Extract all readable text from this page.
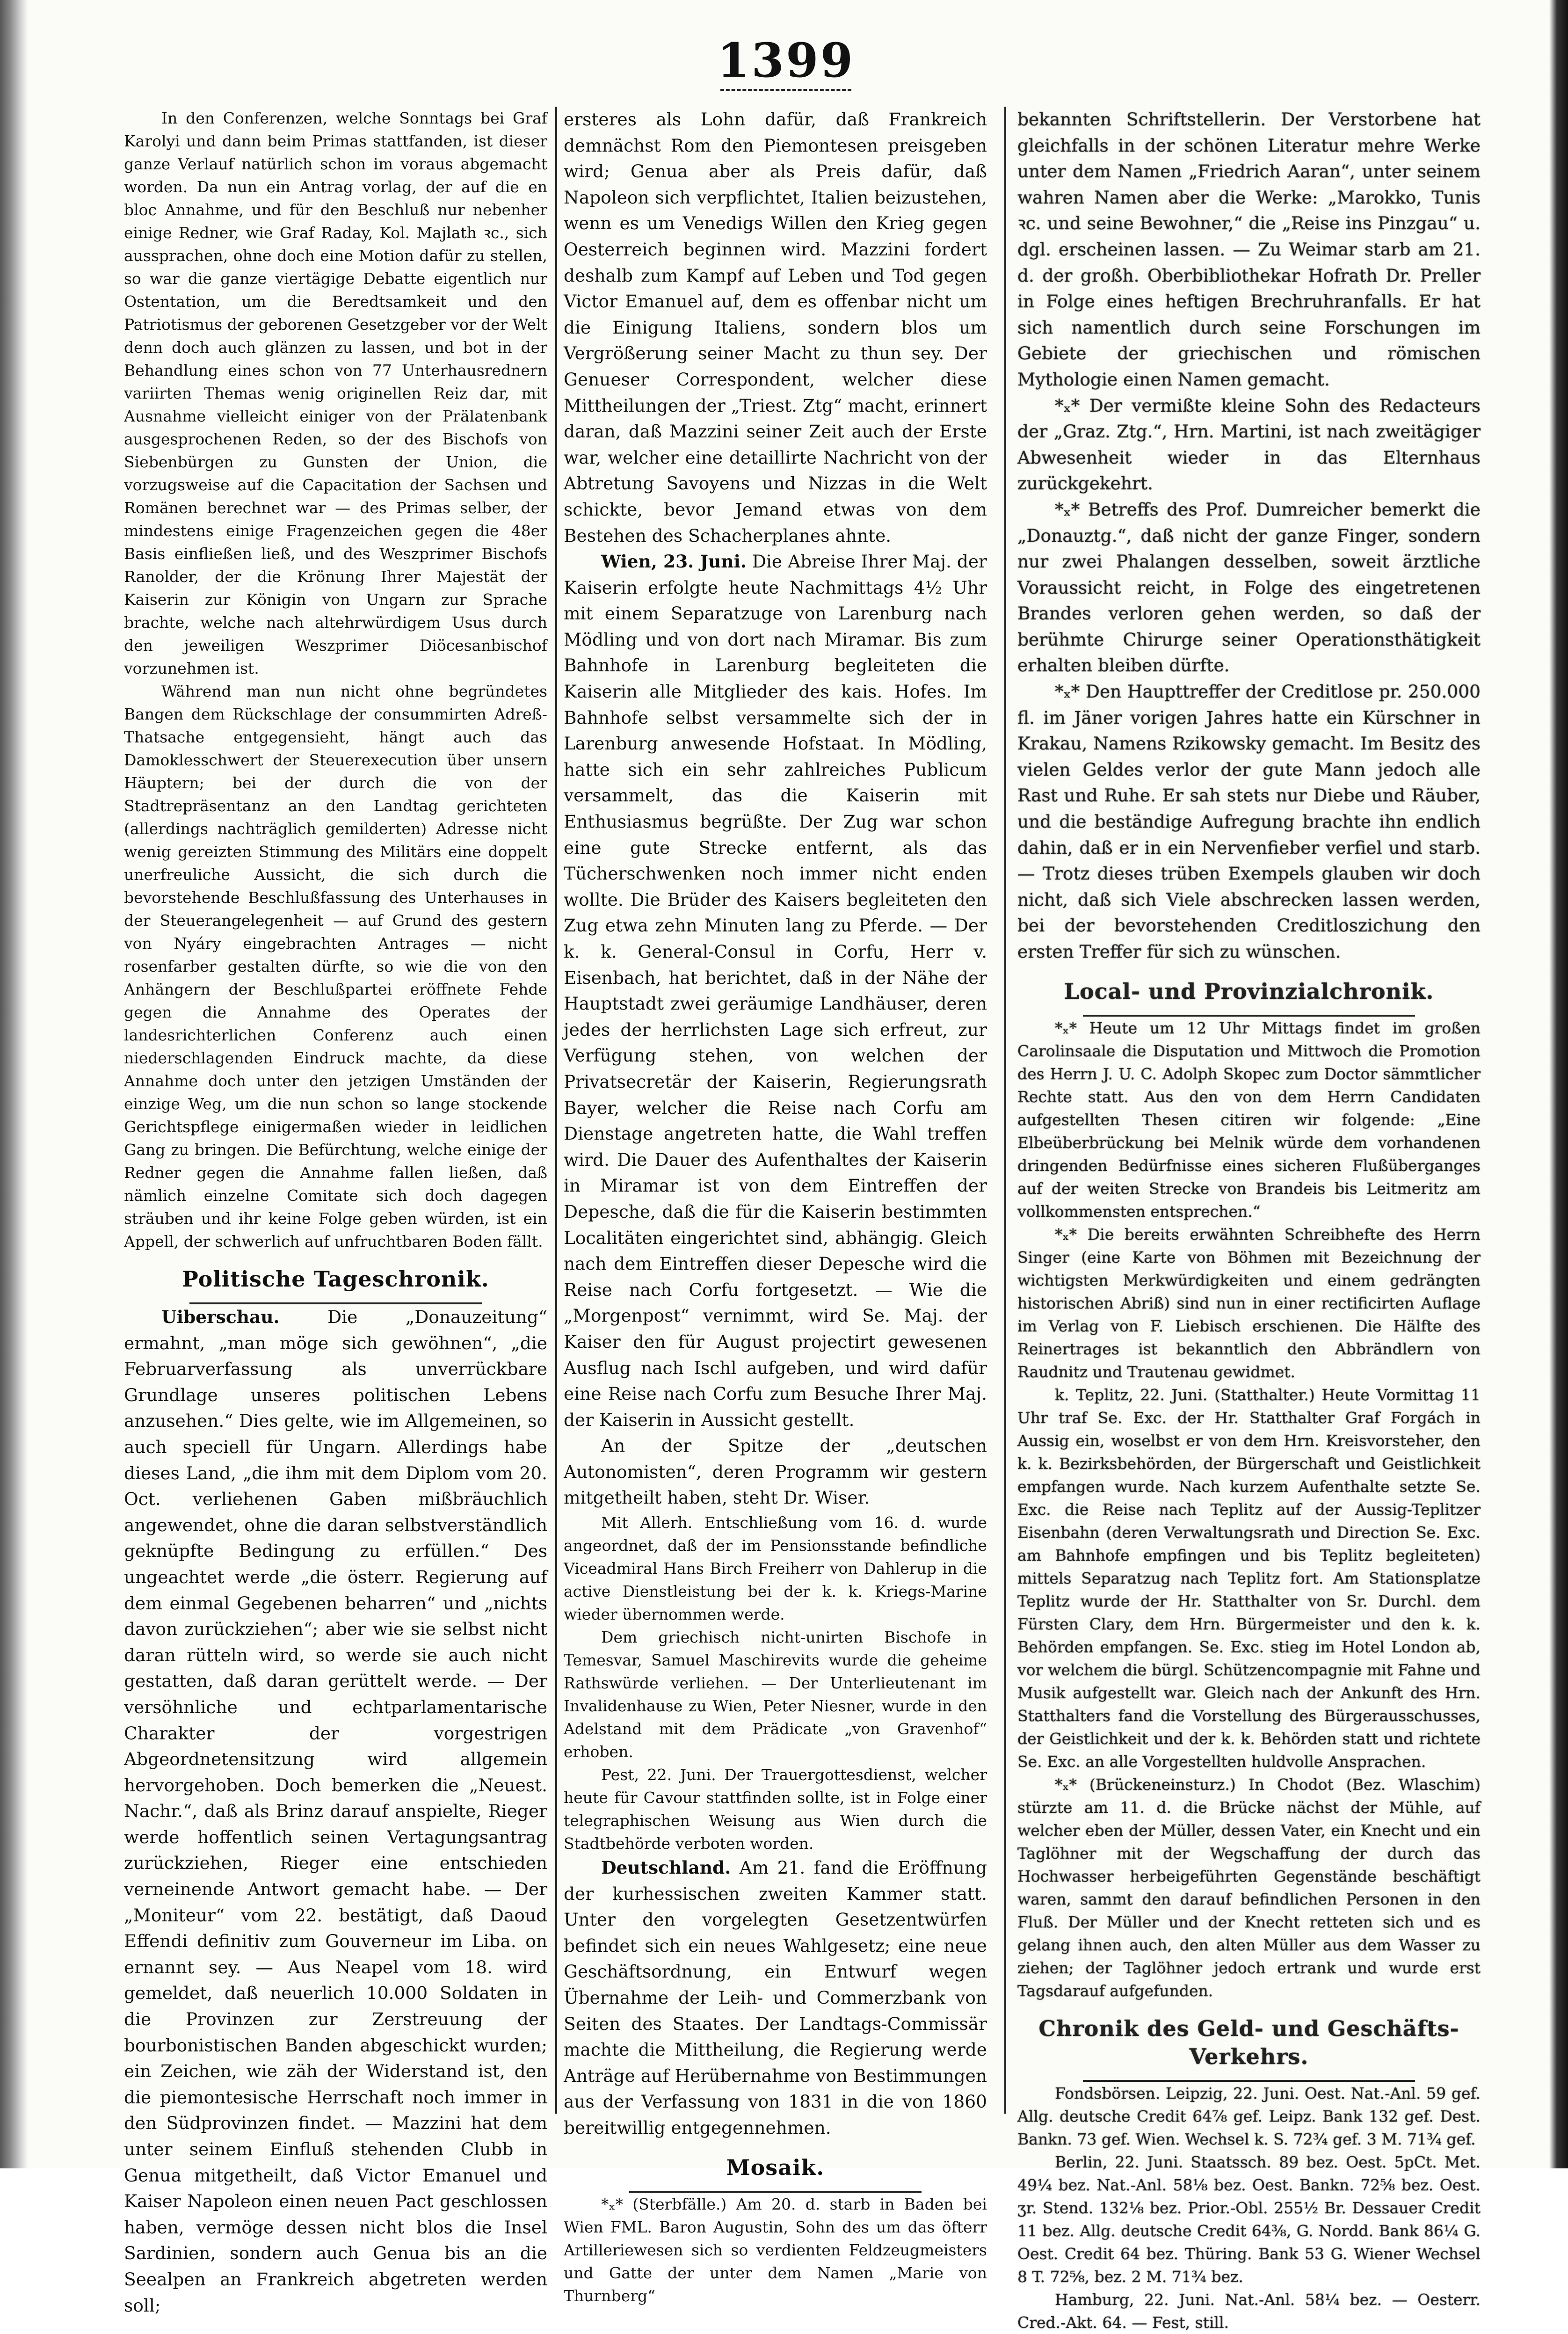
1399

In den Conferenzen, welche Sonntags bei Graf Karolyi und dann beim Primas stattfanden, ist dieser ganze Verlauf natürlich schon im voraus abgemacht worden. Da nun ein Antrag vorlag, der auf die en bloc Annahme, und für den Beschluß nur nebenher einige Redner, wie Graf Raday, Kol. Majlath ꝛc., sich aussprachen, ohne doch eine Motion dafür zu stellen, so war die ganze viertägige Debatte eigentlich nur Ostentation, um die Beredtsamkeit und den Patriotismus der geborenen Gesetzgeber vor der Welt denn doch auch glänzen zu lassen, und bot in der Behandlung eines schon von 77 Unterhausrednern variirten Themas wenig originellen Reiz dar, mit Ausnahme vielleicht einiger von der Prälatenbank ausgesprochenen Reden, so der des Bischofs von Siebenbürgen zu Gunsten der Union, die vorzugsweise auf die Capacitation der Sachsen und Romänen berechnet war — des Primas selber, der mindestens einige Fragenzeichen gegen die 48er Basis einfließen ließ, und des Weszprimer Bischofs Ranolder, der die Krönung Ihrer Majestät der Kaiserin zur Königin von Ungarn zur Sprache brachte, welche nach altehrwürdigem Usus durch den jeweiligen Weszprimer Diöcesanbischof vorzunehmen ist.

Während man nun nicht ohne begründetes Bangen dem Rückschlage der consummirten Adreß-Thatsache entgegensieht, hängt auch das Damoklesschwert der Steuerexecution über unsern Häuptern; bei der durch die von der Stadtrepräsentanz an den Landtag gerichteten (allerdings nachträglich gemilderten) Adresse nicht wenig gereizten Stimmung des Militärs eine doppelt unerfreuliche Aussicht, die sich durch die bevorstehende Beschlußfassung des Unterhauses in der Steuerangelegenheit — auf Grund des gestern von Nyáry eingebrachten Antrages — nicht rosenfarber gestalten dürfte, so wie die von den Anhängern der Beschlußpartei eröffnete Fehde gegen die Annahme des Operates der landesrichterlichen Conferenz auch einen niederschlagenden Eindruck machte, da diese Annahme doch unter den jetzigen Umständen der einzige Weg, um die nun schon so lange stockende Gerichtspflege einigermaßen wieder in leidlichen Gang zu bringen. Die Befürchtung, welche einige der Redner gegen die Annahme fallen ließen, daß nämlich einzelne Comitate sich doch dagegen sträuben und ihr keine Folge geben würden, ist ein Appell, der schwerlich auf unfruchtbaren Boden fällt.

Politische Tageschronik.

Uiberschau. Die „Donauzeitung“ ermahnt, „man möge sich gewöhnen“, „die Februarverfassung als unverrückbare Grundlage unseres politischen Lebens anzusehen.“ Dies gelte, wie im Allgemeinen, so auch speciell für Ungarn. Allerdings habe dieses Land, „die ihm mit dem Diplom vom 20. Oct. verliehenen Gaben mißbräuchlich angewendet, ohne die daran selbstverständlich geknüpfte Bedingung zu erfüllen.“ Des ungeachtet werde „die österr. Regierung auf dem einmal Gegebenen beharren“ und „nichts davon zurückziehen“; aber wie sie selbst nicht daran rütteln wird, so werde sie auch nicht gestatten, daß daran gerüttelt werde. — Der versöhnliche und echtparlamentarische Charakter der vorgestrigen Abgeordnetensitzung wird allgemein hervorgehoben. Doch bemerken die „Neuest. Nachr.“, daß als Brinz darauf anspielte, Rieger werde hoffentlich seinen Vertagungsantrag zurückziehen, Rieger eine entschieden verneinende Antwort gemacht habe. — Der „Moniteur“ vom 22. bestätigt, daß Daoud Effendi definitiv zum Gouverneur im Liba. on ernannt sey. — Aus Neapel vom 18. wird gemeldet, daß neuerlich 10.000 Soldaten in die Provinzen zur Zerstreuung der bourbonistischen Banden abgeschickt wurden; ein Zeichen, wie zäh der Widerstand ist, den die piemontesische Herrschaft noch immer in den Südprovinzen findet. — Mazzini hat dem unter seinem Einfluß stehenden Clubb in Genua mitgetheilt, daß Victor Emanuel und Kaiser Napoleon einen neuen Pact geschlossen haben, vermöge dessen nicht blos die Insel Sardinien, sondern auch Genua bis an die Seealpen an Frankreich abgetreten werden soll;

ersteres als Lohn dafür, daß Frankreich demnächst Rom den Piemontesen preisgeben wird; Genua aber als Preis dafür, daß Napoleon sich verpflichtet, Italien beizustehen, wenn es um Venedigs Willen den Krieg gegen Oesterreich beginnen wird. Mazzini fordert deshalb zum Kampf auf Leben und Tod gegen Victor Emanuel auf, dem es offenbar nicht um die Einigung Italiens, sondern blos um Vergrößerung seiner Macht zu thun sey. Der Genueser Correspondent, welcher diese Mittheilungen der „Triest. Ztg“ macht, erinnert daran, daß Mazzini seiner Zeit auch der Erste war, welcher eine detaillirte Nachricht von der Abtretung Savoyens und Nizzas in die Welt schickte, bevor Jemand etwas von dem Bestehen des Schacherplanes ahnte.

Wien, 23. Juni. Die Abreise Ihrer Maj. der Kaiserin erfolgte heute Nachmittags 4½ Uhr mit einem Separatzuge von Larenburg nach Mödling und von dort nach Miramar. Bis zum Bahnhofe in Larenburg begleiteten die Kaiserin alle Mitglieder des kais. Hofes. Im Bahnhofe selbst versammelte sich der in Larenburg anwesende Hofstaat. In Mödling, hatte sich ein sehr zahlreiches Publicum versammelt, das die Kaiserin mit Enthusiasmus begrüßte. Der Zug war schon eine gute Strecke entfernt, als das Tücherschwenken noch immer nicht enden wollte. Die Brüder des Kaisers begleiteten den Zug etwa zehn Minuten lang zu Pferde. — Der k. k. General-Consul in Corfu, Herr v. Eisenbach, hat berichtet, daß in der Nähe der Hauptstadt zwei geräumige Landhäuser, deren jedes der herrlichsten Lage sich erfreut, zur Verfügung stehen, von welchen der Privatsecretär der Kaiserin, Regierungsrath Bayer, welcher die Reise nach Corfu am Dienstage angetreten hatte, die Wahl treffen wird. Die Dauer des Aufenthaltes der Kaiserin in Miramar ist von dem Eintreffen der Depesche, daß die für die Kaiserin bestimmten Localitäten eingerichtet sind, abhängig. Gleich nach dem Eintreffen dieser Depesche wird die Reise nach Corfu fortgesetzt. — Wie die „Morgenpost“ vernimmt, wird Se. Maj. der Kaiser den für August projectirt gewesenen Ausflug nach Ischl aufgeben, und wird dafür eine Reise nach Corfu zum Besuche Ihrer Maj. der Kaiserin in Aussicht gestellt.

An der Spitze der „deutschen Autonomisten“, deren Programm wir gestern mitgetheilt haben, steht Dr. Wiser.

Mit Allerh. Entschließung vom 16. d. wurde angeordnet, daß der im Pensionsstande befindliche Viceadmiral Hans Birch Freiherr von Dahlerup in die active Dienstleistung bei der k. k. Kriegs-Marine wieder übernommen werde.

Dem griechisch nicht-unirten Bischofe in Temesvar, Samuel Maschirevits wurde die geheime Rathswürde verliehen. — Der Unterlieutenant im Invalidenhause zu Wien, Peter Niesner, wurde in den Adelstand mit dem Prädicate „von Gravenhof“ erhoben.

Pest, 22. Juni. Der Trauergottesdienst, welcher heute für Cavour stattfinden sollte, ist in Folge einer telegraphischen Weisung aus Wien durch die Stadtbehörde verboten worden.

Deutschland. Am 21. fand die Eröffnung der kurhessischen zweiten Kammer statt. Unter den vorgelegten Gesetzentwürfen befindet sich ein neues Wahlgesetz; eine neue Geschäftsordnung, ein Entwurf wegen Übernahme der Leih- und Commerzbank von Seiten des Staates. Der Landtags-Commissär machte die Mittheilung, die Regierung werde Anträge auf Herübernahme von Bestimmungen aus der Verfassung von 1831 in die von 1860 bereitwillig entgegennehmen.

Mosaik.

*ₓ* (Sterbfälle.) Am 20. d. starb in Baden bei Wien FML. Baron Augustin, Sohn des um das öfterr Artilleriewesen sich so verdienten Feldzeugmeisters und Gatte der unter dem Namen „Marie von Thurnberg“

bekannten Schriftstellerin. Der Verstorbene hat gleichfalls in der schönen Literatur mehre Werke unter dem Namen „Friedrich Aaran“, unter seinem wahren Namen aber die Werke: „Marokko, Tunis ꝛc. und seine Bewohner,“ die „Reise ins Pinzgau“ u. dgl. erscheinen lassen. — Zu Weimar starb am 21. d. der großh. Oberbibliothekar Hofrath Dr. Preller in Folge eines heftigen Brechruhranfalls. Er hat sich namentlich durch seine Forschungen im Gebiete der griechischen und römischen Mythologie einen Namen gemacht.

*ₓ* Der vermißte kleine Sohn des Redacteurs der „Graz. Ztg.“, Hrn. Martini, ist nach zweitägiger Abwesenheit wieder in das Elternhaus zurückgekehrt.

*ₓ* Betreffs des Prof. Dumreicher bemerkt die „Donauztg.“, daß nicht der ganze Finger, sondern nur zwei Phalangen desselben, soweit ärztliche Voraussicht reicht, in Folge des eingetretenen Brandes verloren gehen werden, so daß der berühmte Chirurge seiner Operationsthätigkeit erhalten bleiben dürfte.

*ₓ* Den Haupttreffer der Creditlose pr. 250.000 fl. im Jäner vorigen Jahres hatte ein Kürschner in Krakau, Namens Rzikowsky gemacht. Im Besitz des vielen Geldes verlor der gute Mann jedoch alle Rast und Ruhe. Er sah stets nur Diebe und Räuber, und die beständige Aufregung brachte ihn endlich dahin, daß er in ein Nervenfieber verfiel und starb. — Trotz dieses trüben Exempels glauben wir doch nicht, daß sich Viele abschrecken lassen werden, bei der bevorstehenden Creditloszichung den ersten Treffer für sich zu wünschen.

Local- und Provinzialchronik.

*ₓ* Heute um 12 Uhr Mittags findet im großen Carolinsaale die Disputation und Mittwoch die Promotion des Herrn J. U. C. Adolph Skopec zum Doctor sämmtlicher Rechte statt. Aus den von dem Herrn Candidaten aufgestellten Thesen citiren wir folgende: „Eine Elbeüberbrückung bei Melnik würde dem vorhandenen dringenden Bedürfnisse eines sicheren Flußüberganges auf der weiten Strecke von Brandeis bis Leitmeritz am vollkommensten entsprechen.“

*ₓ* Die bereits erwähnten Schreibhefte des Herrn Singer (eine Karte von Böhmen mit Bezeichnung der wichtigsten Merkwürdigkeiten und einem gedrängten historischen Abriß) sind nun in einer rectificirten Auflage im Verlag von F. Liebisch erschienen. Die Hälfte des Reinertrages ist bekanntlich den Abbrändlern von Raudnitz und Trautenau gewidmet.

k. Teplitz, 22. Juni. (Statthalter.) Heute Vormittag 11 Uhr traf Se. Exc. der Hr. Statthalter Graf Forgách in Aussig ein, woselbst er von dem Hrn. Kreisvorsteher, den k. k. Bezirksbehörden, der Bürgerschaft und Geistlichkeit empfangen wurde. Nach kurzem Aufenthalte setzte Se. Exc. die Reise nach Teplitz auf der Aussig-Teplitzer Eisenbahn (deren Verwaltungsrath und Direction Se. Exc. am Bahnhofe empfingen und bis Teplitz begleiteten) mittels Separatzug nach Teplitz fort. Am Stationsplatze Teplitz wurde der Hr. Statthalter von Sr. Durchl. dem Fürsten Clary, dem Hrn. Bürgermeister und den k. k. Behörden empfangen. Se. Exc. stieg im Hotel London ab, vor welchem die bürgl. Schützencompagnie mit Fahne und Musik aufgestellt war. Gleich nach der Ankunft des Hrn. Statthalters fand die Vorstellung des Bürgerausschusses, der Geistlichkeit und der k. k. Behörden statt und richtete Se. Exc. an alle Vorgestellten huldvolle Ansprachen.

*ₓ* (Brückeneinsturz.) In Chodot (Bez. Wlaschim) stürzte am 11. d. die Brücke nächst der Mühle, auf welcher eben der Müller, dessen Vater, ein Knecht und ein Taglöhner mit der Wegschaffung der durch das Hochwasser herbeigeführten Gegenstände beschäftigt waren, sammt den darauf befindlichen Personen in den Fluß. Der Müller und der Knecht retteten sich und es gelang ihnen auch, den alten Müller aus dem Wasser zu ziehen; der Taglöhner jedoch ertrank und wurde erst Tagsdarauf aufgefunden.

Chronik des Geld- und Geschäfts-Verkehrs.

Fondsbörsen. Leipzig, 22. Juni. Oest. Nat.-Anl. 59 gef. Allg. deutsche Credit 64⁷⁄₈ gef. Leipz. Bank 132 gef. Dest. Bankn. 73 gef. Wien. Wechsel k. S. 72¾ gef. 3 M. 71¾ gef.

Berlin, 22. Juni. Staatssch. 89 bez. Oest. 5pCt. Met. 49¼ bez. Nat.-Anl. 58⅛ bez. Oest. Bankn. 72⅝ bez. Oest. ʒr. Stend. 132⅛ bez. Prior.-Obl. 255½ Br. Dessauer Credit 11 bez. Allg. deutsche Credit 64⅜, G. Nordd. Bank 86¼ G. Oest. Credit 64 bez. Thüring. Bank 53 G. Wiener Wechsel 8 T. 72⅝, bez. 2 M. 71¾ bez.

Hamburg, 22. Juni. Nat.-Anl. 58¼ bez. — Oesterr. Cred.-Akt. 64. — Fest, still.
